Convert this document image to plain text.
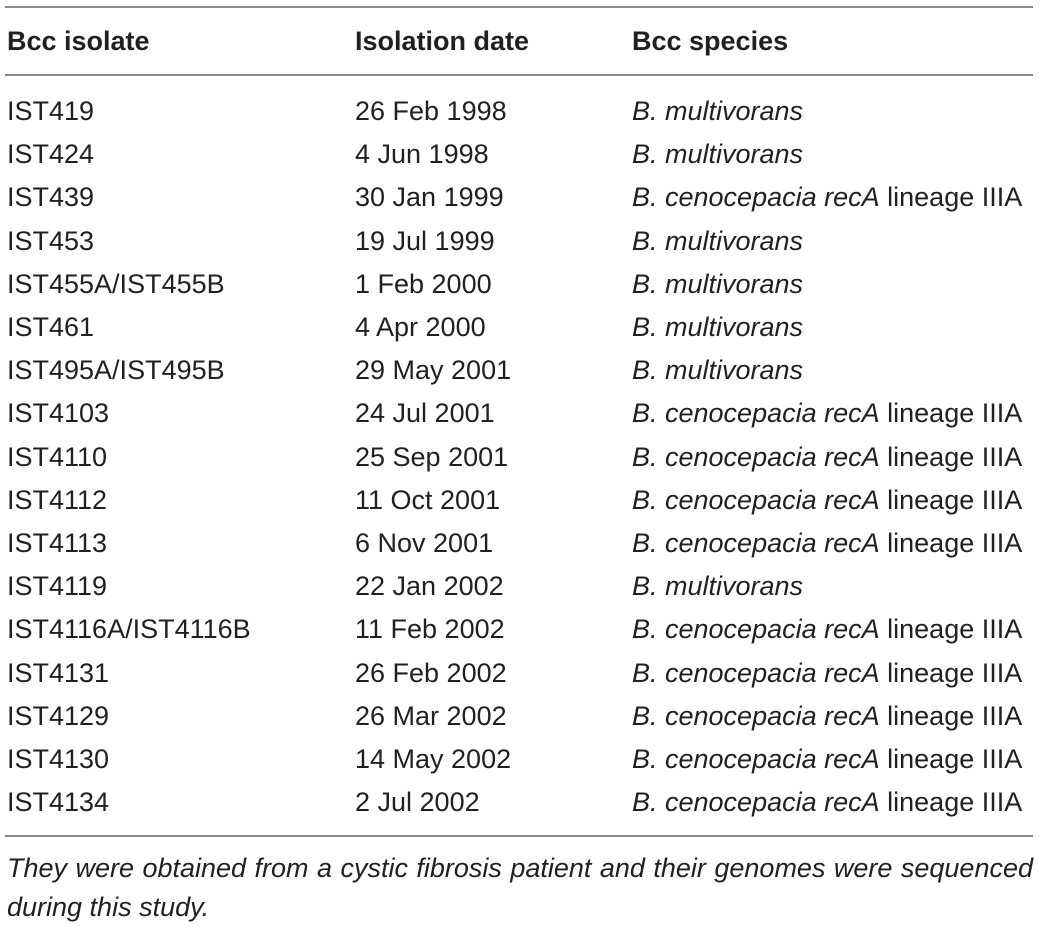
Bcc isolate	Isolation date	Bcc species
IST419	26 Feb 1998	B. multivorans
IST424	4 Jun 1998	B. multivorans
IST439	30 Jan 1999	B. cenocepacia recA lineage IIIA
IST453	19 Jul 1999	B. multivorans
IST455A/IST455B	1 Feb 2000	B. multivorans
IST461	4 Apr 2000	B. multivorans
IST495A/IST495B	29 May 2001	B. multivorans
IST4103	24 Jul 2001	B. cenocepacia recA lineage IIIA
IST4110	25 Sep 2001	B. cenocepacia recA lineage IIIA
IST4112	11 Oct 2001	B. cenocepacia recA lineage IIIA
IST4113	6 Nov 2001	B. cenocepacia recA lineage IIIA
IST4119	22 Jan 2002	B. multivorans
IST4116A/IST4116B	11 Feb 2002	B. cenocepacia recA lineage IIIA
IST4131	26 Feb 2002	B. cenocepacia recA lineage IIIA
IST4129	26 Mar 2002	B. cenocepacia recA lineage IIIA
IST4130	14 May 2002	B. cenocepacia recA lineage IIIA
IST4134	2 Jul 2002	B. cenocepacia recA lineage IIIA
They were obtained from a cystic fibrosis patient and their genomes were sequenced during this study.
